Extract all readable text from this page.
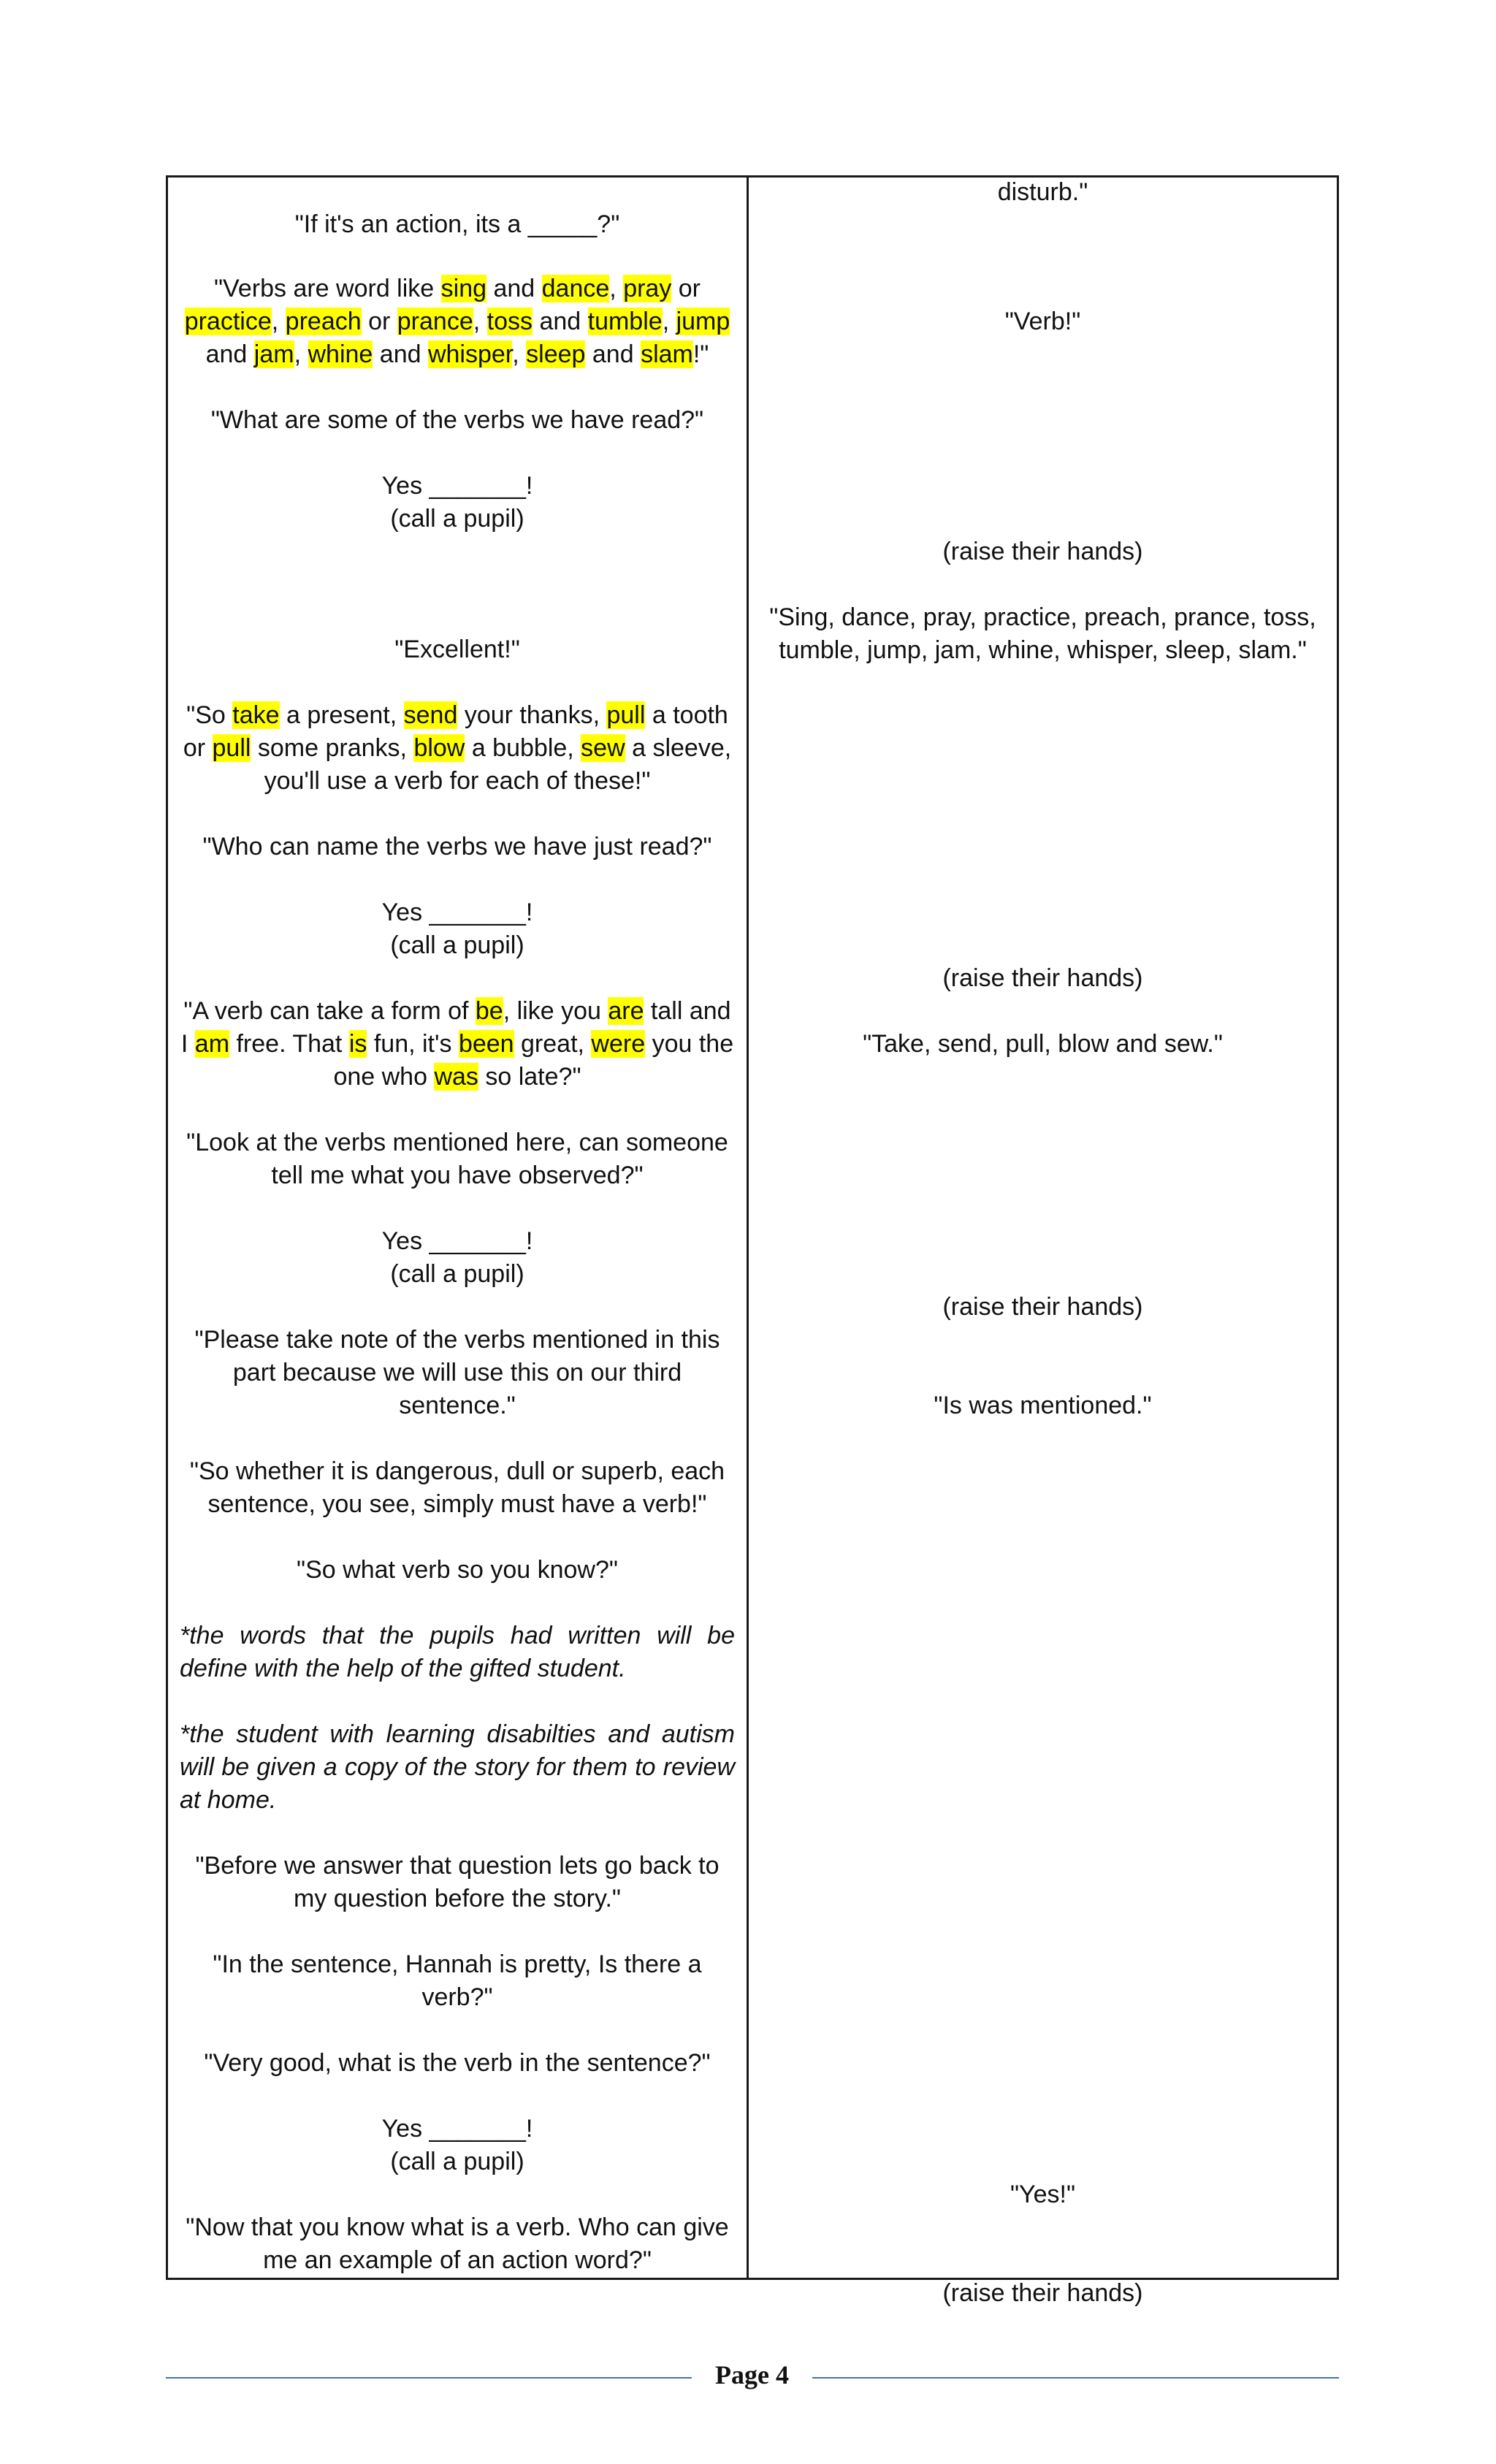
"If it's an action, its a _____?"

"Verbs are word like sing and dance, pray or practice, preach or prance, toss and tumble, jump and jam, whine and whisper, sleep and slam!"

"What are some of the verbs we have read?"

Yes _______!

(call a pupil)

"Excellent!"

"So take a present, send your thanks, pull a tooth or pull some pranks, blow a bubble, sew a sleeve, you'll use a verb for each of these!"

"Who can name the verbs we have just read?"

Yes _______!

(call a pupil)

"A verb can take a form of be, like you are tall and I am free. That is fun, it's been great, were you the one who was so late?"

"Look at the verbs mentioned here, can someone tell me what you have observed?"

Yes _______!

(call a pupil)

"Please take note of the verbs mentioned in this part because we will use this on our third sentence."

"So whether it is dangerous, dull or superb, each sentence, you see, simply must have a verb!"

"So what verb so you know?"

*the words that the pupils had written will be define with the help of the gifted student.

*the student with learning disabilties and autism will be given a copy of the story for them to review at home.

"Before we answer that question lets go back to my question before the story."

"In the sentence, Hannah is pretty, Is there a verb?"

"Very good, what is the verb in the sentence?"

Yes _______!

(call a pupil)

"Now that you know what is a verb. Who can give me an example of an action word?"

disturb."

"Verb!"

(raise their hands)

"Sing, dance, pray, practice, preach, prance, toss, tumble, jump, jam, whine, whisper, sleep, slam."

(raise their hands)

"Take, send, pull, blow and sew."

(raise their hands)

"Is was mentioned."

"Yes!"

(raise their hands)

Page 4
